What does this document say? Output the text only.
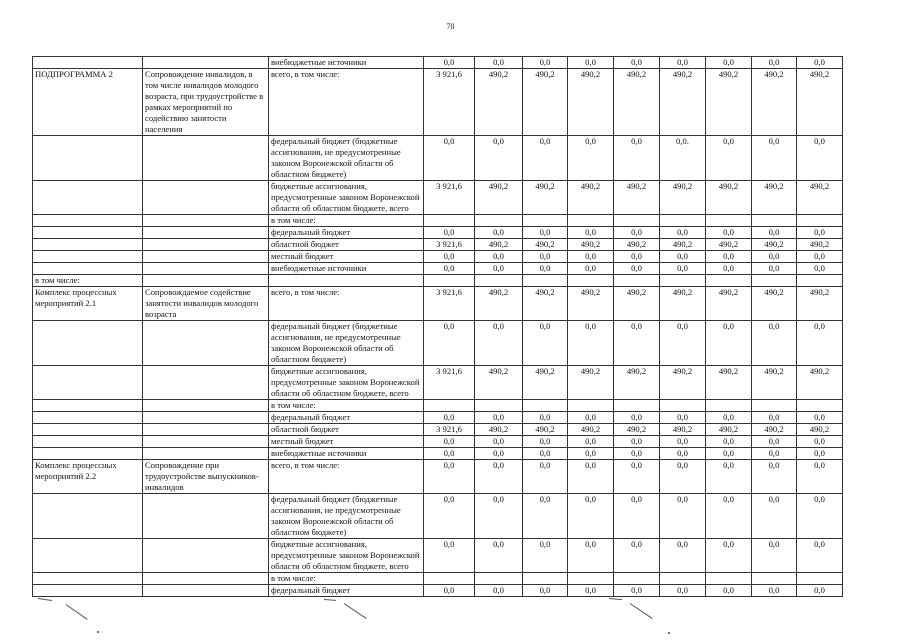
70
		внебюджетные источники	0,0	0,0	0,0	0,0	0,0	0,0	0,0	0,0	0,0
ПОДПРОГРАММА 2	Сопровождение инвалидов, в том числе инвалидов молодого возраста, при трудоустройстве в рамках мероприятий по содействию занятости населения	всего, в том числе:	3 921,6	490,2	490,2	490,2	490,2	490,2	490,2	490,2	490,2
		федеральный бюджет (бюджетные ассигнования, не предусмотренные законом Воронежской области об областном бюджете)	0,0	0,0	0,0	0,0	0,0	0,0.	0,0	0,0	0,0
		бюджетные ассигнования, предусмотренные законом Воронежской области об областном бюджете, всего	3 921,6	490,2	490,2	490,2	490,2	490,2	490,2	490,2	490,2
		в том числе:									
		федеральный бюджет	0,0	0,0	0,0	0,0	0,0	0,0	0,0	0,0	0,0
		областной бюджет	3 921,6	490,2	490,2	490,2	490,2	490,2	490,2	490,2	490,2
		местный бюджет	0,0	0,0	0,0	0,0	0,0	0,0	0,0	0,0	0,0
		внебюджетные источники	0,0	0,0	0,0	0,0	0,0	0,0	0,0	0,0	0,0
в том числе:											
Комплекс процессных мероприятий 2.1	Сопровождаемое содействие занятости инвалидов молодого возраста	всего, в том числе:	3 921,6	490,2	490,2	490,2	490,2	490,2	490,2	490,2	490,2
		федеральный бюджет (бюджетные ассигнования, не предусмотренные законом Воронежской области об областном бюджете)	0,0	0,0	0,0	0,0	0,0	0,0	0,0	0,0	0,0
		бюджетные ассигнования, предусмотренные законом Воронежской области об областном бюджете, всего	3 921,6	490,2	490,2	490,2	490,2	490,2	490,2	490,2	490,2
		в том числе:									
		федеральный бюджет	0,0	0,0	0,0	0,0	0,0	0,0	0,0	0,0	0,0
		областной бюджет	3 921,6	490,2	490,2	490,2	490,2	490,2	490,2	490,2	490,2
		местный бюджет	0,0	0,0	0,0	0,0	0,0	0,0	0,0	0,0	0,0
		внебюджетные источники	0,0	0,0	0,0	0,0	0,0	0,0	0,0	0,0	0,0
Комплекс процессных мероприятий 2.2	Сопровождение при трудоустройстве выпускников- инвалидов	всего, в том числе:	0,0	0,0	0,0	0,0	0,0	0,0	0,0	0,0	0,0
		федеральный бюджет (бюджетные ассигнования, не предусмотренные законом Воронежской области об областном бюджете)	0,0	0,0	0,0	0,0	0,0	0,0	0,0	0,0	0,0
		бюджетные ассигнования, предусмотренные законом Воронежской области об областном бюджете, всего	0,0	0,0	0,0	0,0	0,0	0,0	0,0	0,0	0,0
		в том числе:									
		федеральный бюджет	0,0	0,0	0,0	0,0	0,0	0,0	0,0	0,0	0,0
